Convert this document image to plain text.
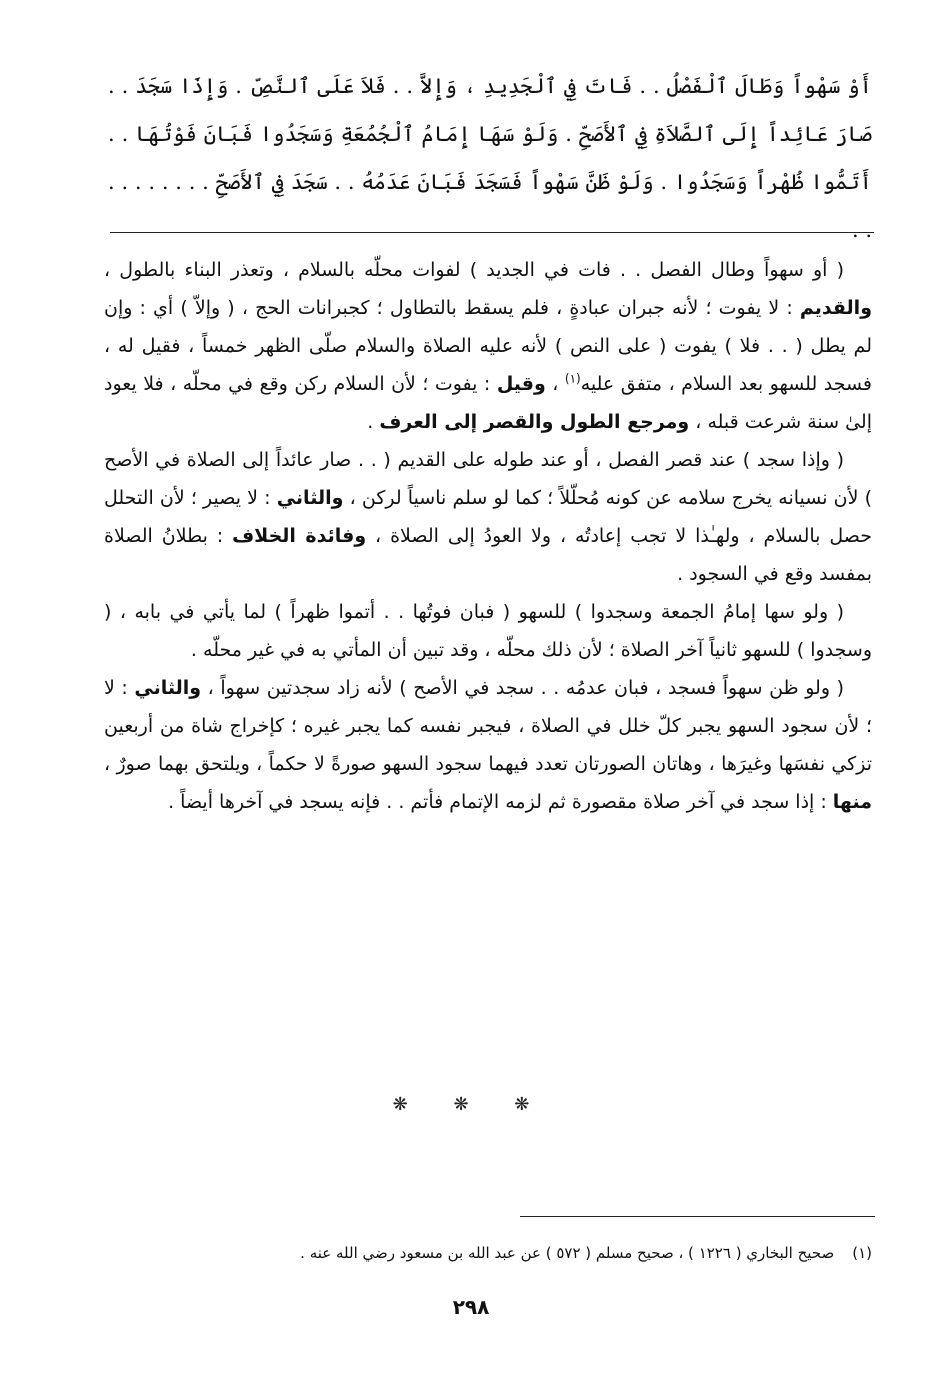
أَوْ سَهْواً وَطَالَ ٱلْفَصْلُ . . فَاتَ فِي ٱلْجَدِيدِ ، وَإِلاَّ . . فَلاَ عَلَى ٱلنَّصِّ . وَإِذَا سَجَدَ . . صَارَ عَائِداً إِلَى ٱلصَّلاَةِ فِي ٱلأَصَحِّ . وَلَوْ سَهَا إِمَامُ ٱلْجُمُعَةِ وَسَجَدُوا فَبَانَ فَوْتُهَا . . أَتَمُّوا ظُهْراً وَسَجَدُوا . وَلَوْ ظَنَّ سَهْواً فَسَجَدَ فَبَانَ عَدَمُهُ . . سَجَدَ فِي ٱلأَصَحِّ . . . . . . . . . .

( أو سهواً وطال الفصل . . فات في الجديد ) لفوات محلّه بالسلام ، وتعذر البناء بالطول ، والقديم : لا يفوت ؛ لأنه جبران عبادةٍ ، فلم يسقط بالتطاول ؛ كجبرانات الحج ، ( وإلاّ ) أي : وإن لم يطل ( . . فلا ) يفوت ( على النص ) لأنه عليه الصلاة والسلام صلّى الظهر خمساً ، فقيل له ، فسجد للسهو بعد السلام ، متفق عليه$^{(١)}$ ، وقيل : يفوت ؛ لأن السلام ركن وقع في محلّه ، فلا يعود إلىٰ سنة شرعت قبله ، ومرجع الطول والقصر إلى العرف .

( وإذا سجد ) عند قصر الفصل ، أو عند طوله على القديم ( . . صار عائداً إلى الصلاة في الأصح ) لأن نسيانه يخرج سلامه عن كونه مُحلّلاً ؛ كما لو سلم ناسياً لركن ، والثاني : لا يصير ؛ لأن التحلل حصل بالسلام ، ولهـٰذا لا تجب إعادتُه ، ولا العودُ إلى الصلاة ، وفائدة الخلاف : بطلانُ الصلاة بمفسد وقع في السجود .

( ولو سها إمامُ الجمعة وسجدوا ) للسهو ( فبان فوتُها . . أتموا ظهراً ) لما يأتي في بابه ، ( وسجدوا ) للسهو ثانياً آخر الصلاة ؛ لأن ذلك محلّه ، وقد تبين أن المأتي به في غير محلّه .

( ولو ظن سهواً فسجد ، فبان عدمُه . . سجد في الأصح ) لأنه زاد سجدتين سهواً ، والثاني : لا ؛ لأن سجود السهو يجبر كلّ خلل في الصلاة ، فيجبر نفسه كما يجبر غيره ؛ كإخراج شاة من أربعين تزكي نفسَها وغيرَها ، وهاتان الصورتان تعدد فيهما سجود السهو صورةً لا حكماً ، ويلتحق بهما صورٌ ، منها : إذا سجد في آخر صلاة مقصورة ثم لزمه الإتمام فأتم . . فإنه يسجد في آخرها أيضاً .

❋ ❋ ❋
(١)صحيح البخاري ( ١٢٢٦ ) ، صحيح مسلم ( ٥٧٢ ) عن عبد الله بن مسعود رضي الله عنه .
٢٩٨
